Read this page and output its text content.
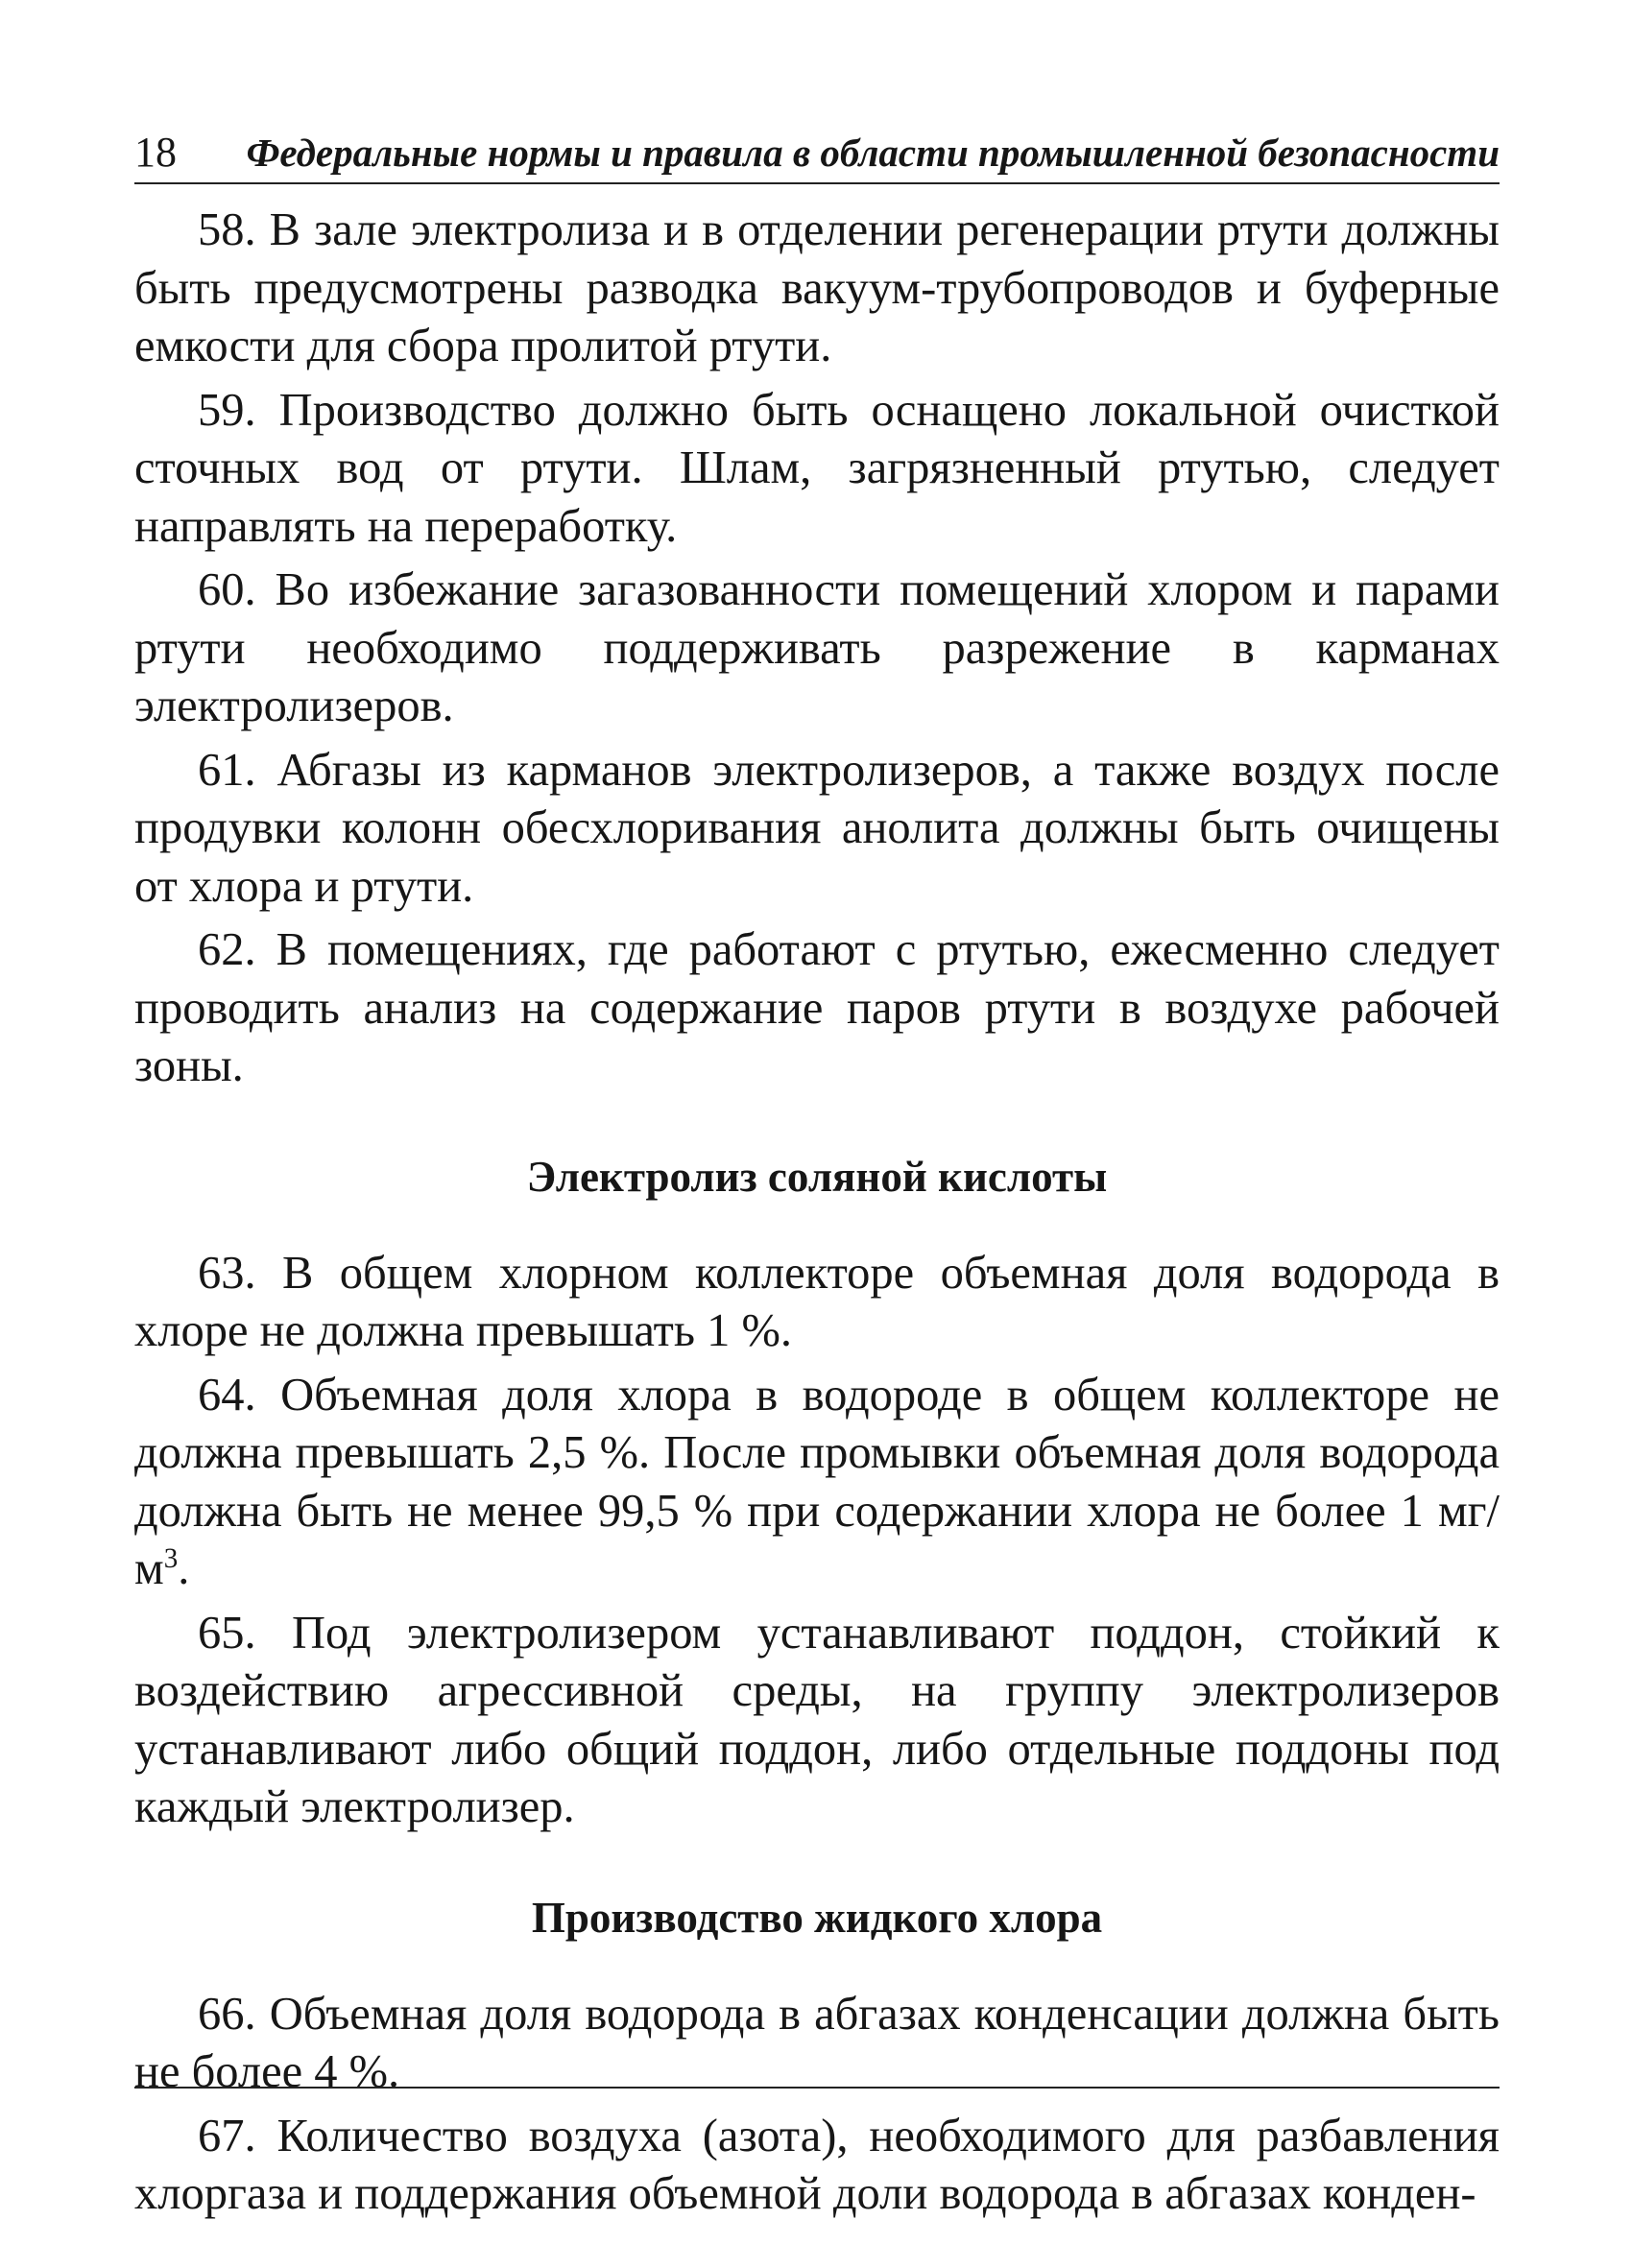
18 Федеральные нормы и правила в области промышленной безопасности

58. В зале электролиза и в отделении регенерации ртути должны быть предусмотрены разводка вакуум-трубопроводов и буферные емкости для сбора пролитой ртути.

59. Производство должно быть оснащено локальной очисткой сточных вод от ртути. Шлам, загрязненный ртутью, следует направлять на переработку.

60. Во избежание загазованности помещений хлором и парами ртути необходимо поддерживать разрежение в карманах электролизеров.

61. Абгазы из карманов электролизеров, а также воздух после продувки колонн обесхлоривания анолита должны быть очищены от хлора и ртути.

62. В помещениях, где работают с ртутью, ежесменно следует проводить анализ на содержание паров ртути в воздухе рабочей зоны.

Электролиз соляной кислоты

63. В общем хлорном коллекторе объемная доля водорода в хлоре не должна превышать 1 %.

64. Объемная доля хлора в водороде в общем коллекторе не должна превышать 2,5 %. После промывки объемная доля водорода должна быть не менее 99,5 % при содержании хлора не более 1 $мг/м^3$.

65. Под электролизером устанавливают поддон, стойкий к воздействию агрессивной среды, на группу электролизеров устанавливают либо общий поддон, либо отдельные поддоны под каждый электролизер.

Производство жидкого хлора

66. Объемная доля водорода в абгазах конденсации должна быть не более 4 %.

67. Количество воздуха (азота), необходимого для разбавления хлоргаза и поддержания объемной доли водорода в абгазах конден-
